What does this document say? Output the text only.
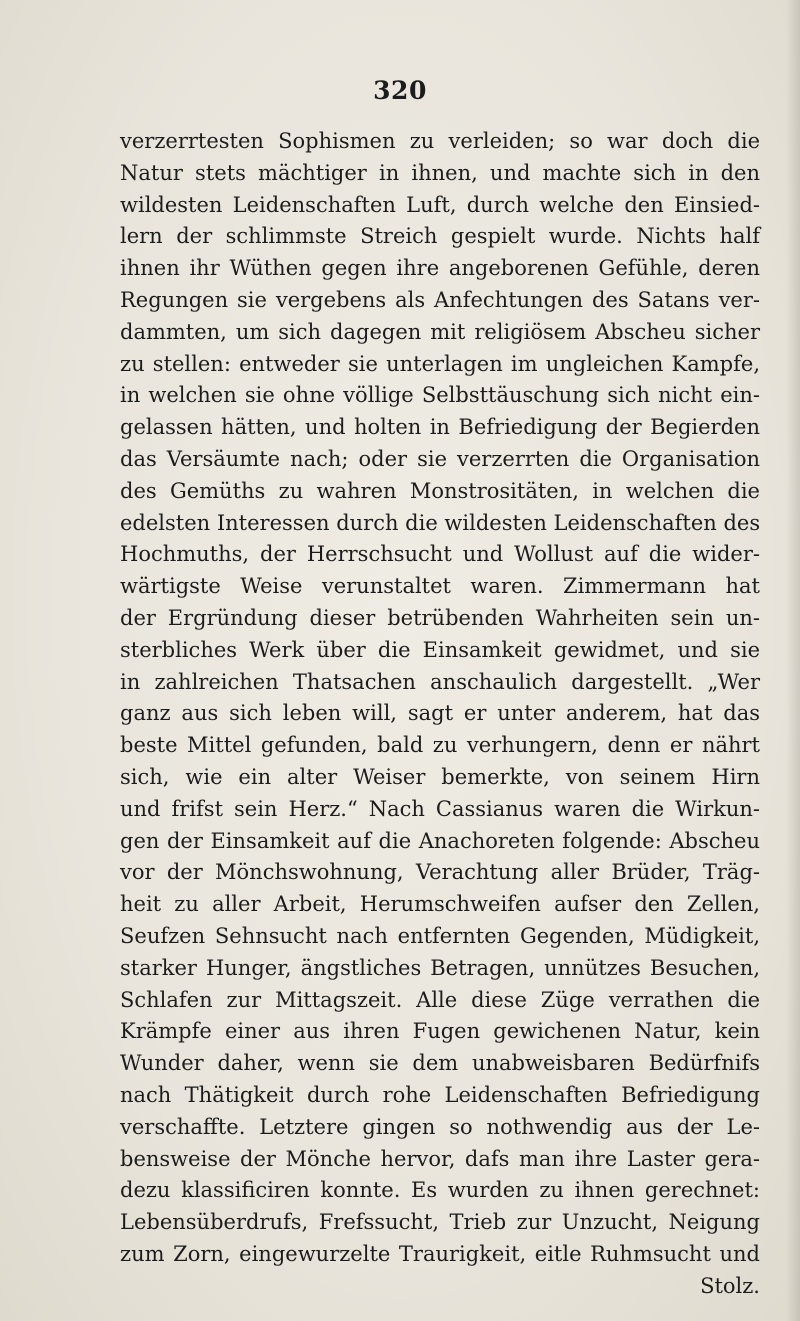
320
verzerrtesten Sophismen zu verleiden; so war doch die
Natur stets mächtiger in ihnen, und machte sich in den
wildesten Leidenschaften Luft, durch welche den Einsied-
lern der schlimmste Streich gespielt wurde. Nichts half
ihnen ihr Wüthen gegen ihre angeborenen Gefühle, deren
Regungen sie vergebens als Anfechtungen des Satans ver-
dammten, um sich dagegen mit religiösem Abscheu sicher
zu stellen: entweder sie unterlagen im ungleichen Kampfe,
in welchen sie ohne völlige Selbsttäuschung sich nicht ein-
gelassen hätten, und holten in Befriedigung der Begierden
das Versäumte nach; oder sie verzerrten die Organisation
des Gemüths zu wahren Monstrositäten, in welchen die
edelsten Interessen durch die wildesten Leidenschaften des
Hochmuths, der Herrschsucht und Wollust auf die wider-
wärtigste Weise verunstaltet waren. Zimmermann hat
der Ergründung dieser betrübenden Wahrheiten sein un-
sterbliches Werk über die Einsamkeit gewidmet, und sie
in zahlreichen Thatsachen anschaulich dargestellt. „Wer
ganz aus sich leben will, sagt er unter anderem, hat das
beste Mittel gefunden, bald zu verhungern, denn er nährt
sich, wie ein alter Weiser bemerkte, von seinem Hirn
und frifst sein Herz.“ Nach Cassianus waren die Wirkun-
gen der Einsamkeit auf die Anachoreten folgende: Abscheu
vor der Mönchswohnung, Verachtung aller Brüder, Träg-
heit zu aller Arbeit, Herumschweifen aufser den Zellen,
Seufzen Sehnsucht nach entfernten Gegenden, Müdigkeit,
starker Hunger, ängstliches Betragen, unnützes Besuchen,
Schlafen zur Mittagszeit. Alle diese Züge verrathen die
Krämpfe einer aus ihren Fugen gewichenen Natur, kein
Wunder daher, wenn sie dem unabweisbaren Bedürfnifs
nach Thätigkeit durch rohe Leidenschaften Befriedigung
verschaffte. Letztere gingen so nothwendig aus der Le-
bensweise der Mönche hervor, dafs man ihre Laster gera-
dezu klassificiren konnte. Es wurden zu ihnen gerechnet:
Lebensüberdrufs, Frefssucht, Trieb zur Unzucht, Neigung
zum Zorn, eingewurzelte Traurigkeit, eitle Ruhmsucht und
Stolz.
